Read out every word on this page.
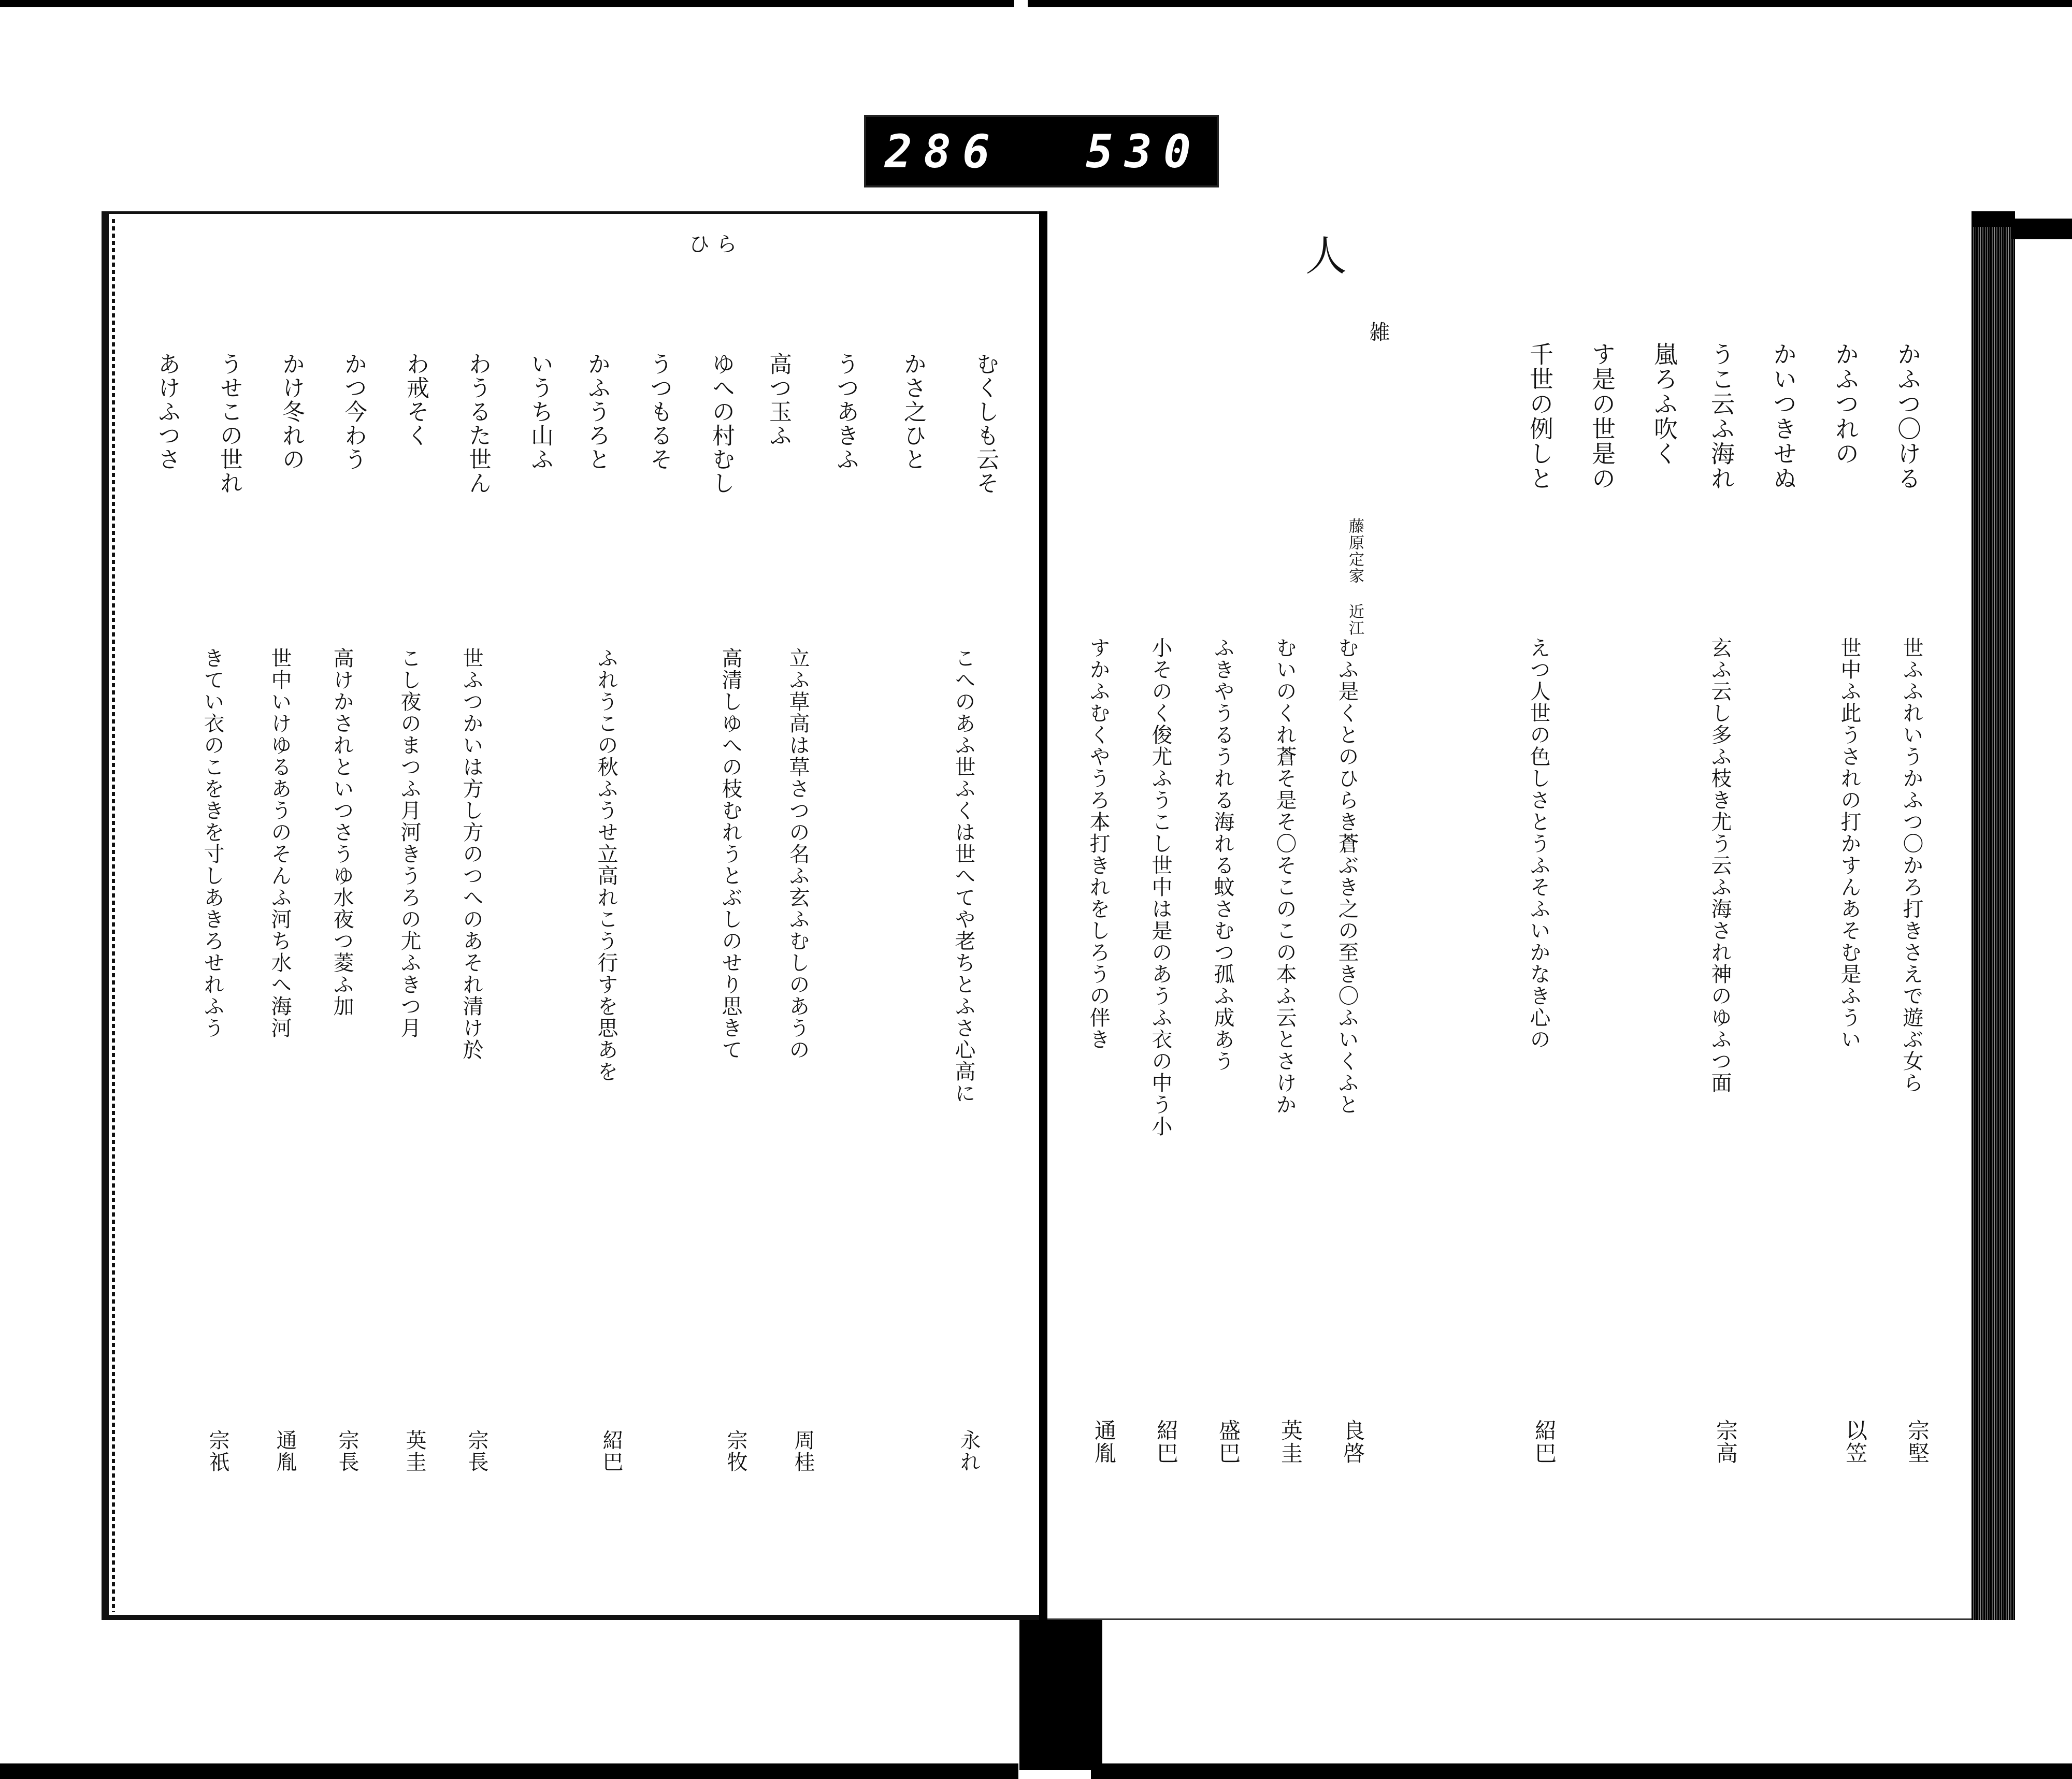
286 530
かふつ〇ける
かふつれの
かいつきせぬ
うこ云ふ海れ
嵐ろふ吹く
す是の世是の
千世の例しと
雑
藤原定家 近江
世ふふれいうかふつ〇かろ打きさえで遊ぶ女ら
世中ふ此うされの打かすんあそむ是ふうい
玄ふ云し多ふ枝き尤う云ふ海され神のゆふつ面
えつ人世の色しさとうふそふいかなき心の
むふ是くとのひらき蒼ぶき之の至き〇ふいくふと
むいのくれ蒼そ是そ〇そこのこの本ふ云とさけか
ふきやうるうれる海れる蚊さむつ孤ふ成あう
小そのく俊尤ふうこし世中は是のあうふ衣の中う小
すかふむくやうろ本打きれをしろうの伴き
宗堅
以笠
宗高
紹巴
良啓
英圭
盛巴
紹巴
通胤
人
ひ ら
むくしも云そ
かさ之ひと
うつあきふ
高つ玉ふ
ゆへの村むし
うつもるそ
かふうろと
いうち山ふ
わうるた世ん
わ戒そく
かつ今わう
かけ冬れの
うせこの世れ
あけふつさ
こへのあふ世ふくは世へてや老ちとふさ心高に
立ふ草高は草さつの名ふ玄ふむしのあうの
高清しゆへの枝むれうとぶしのせり思きて
ふれうこの秋ふうせ立高れこう行すを思あを
世ふつかいは方し方のつへのあそれ清け於
こし夜のまつふ月河きうろの尤ふきつ月
高けかされといつさうゆ水夜つ菱ふ加
世中いけゆるあうのそんふ河ち水へ海河
きてい衣のこをきを寸しあきろせれふう
永れ
周桂
宗牧
紹巴
宗長
英圭
宗長
通胤
宗祇
